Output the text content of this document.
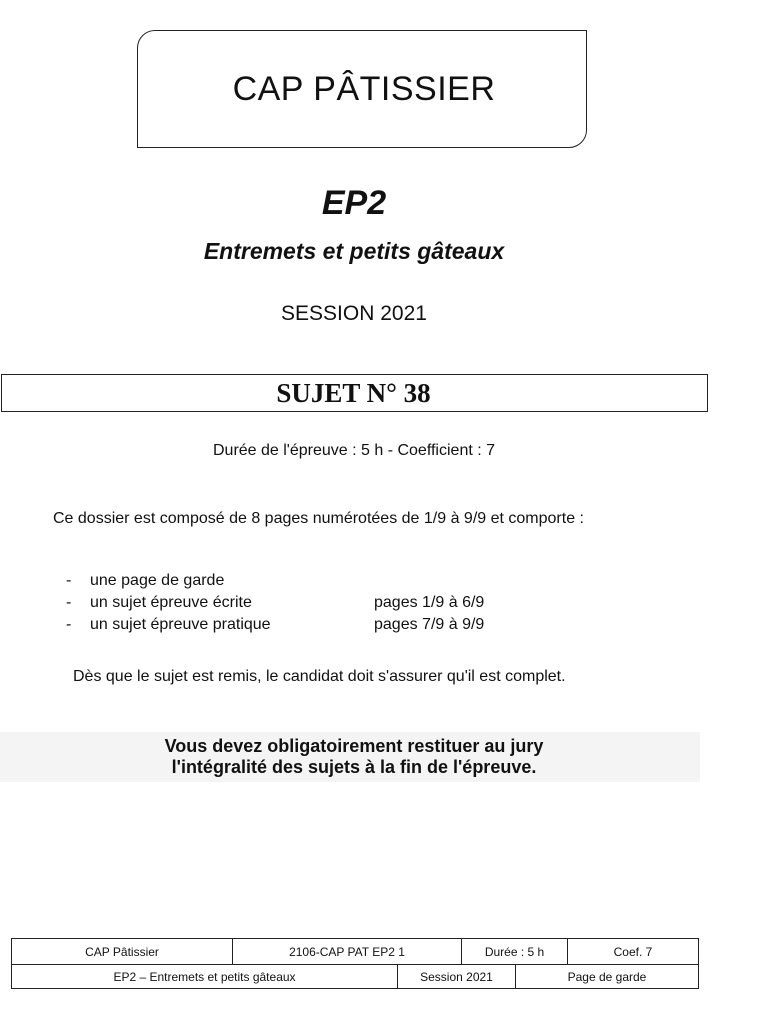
CAP PÂTISSIER
EP2
Entremets et petits gâteaux
SESSION 2021
SUJET N° 38
Durée de l'épreuve : 5 h - Coefficient : 7
Ce dossier est composé de 8 pages numérotées de 1/9 à 9/9 et comporte :
- une page de garde
- un sujet épreuve écrite	pages 1/9 à 6/9
- un sujet épreuve pratique	pages 7/9 à 9/9
Dès que le sujet est remis, le candidat doit s'assurer qu'il est complet.
Vous devez obligatoirement restituer au jury
l'intégralité des sujets à la fin de l'épreuve.
CAP Pâtissier	2106-CAP PAT EP2 1	Durée : 5 h	Coef. 7
EP2 – Entremets et petits gâteaux	Session 2021	Page de garde
